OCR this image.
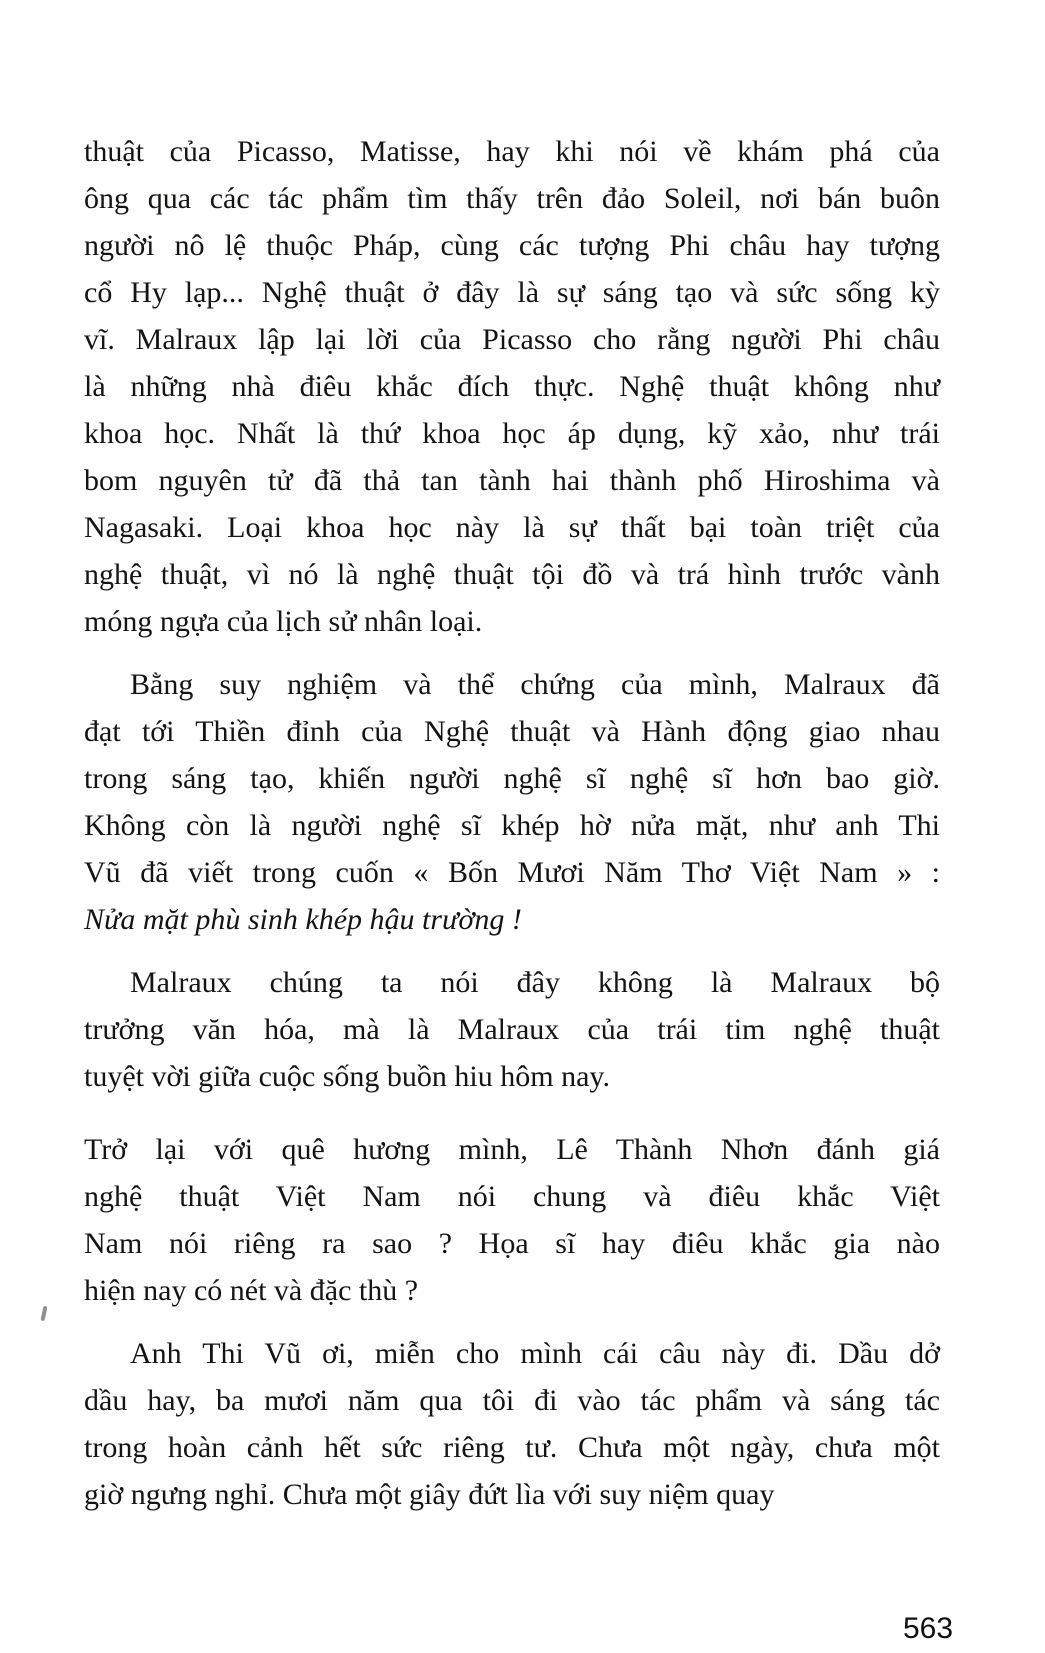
thuật của Picasso, Matisse, hay khi nói về khám phá của
ông qua các tác phẩm tìm thấy trên đảo Soleil, nơi bán buôn
người nô lệ thuộc Pháp, cùng các tượng Phi châu hay tượng
cổ Hy lạp... Nghệ thuật ở đây là sự sáng tạo và sức sống kỳ
vĩ. Malraux lập lại lời của Picasso cho rằng người Phi châu
là những nhà điêu khắc đích thực. Nghệ thuật không như
khoa học. Nhất là thứ khoa học áp dụng, kỹ xảo, như trái
bom nguyên tử đã thả tan tành hai thành phố Hiroshima và
Nagasaki. Loại khoa học này là sự thất bại toàn triệt của
nghệ thuật, vì nó là nghệ thuật tội đồ và trá hình trước vành
móng ngựa của lịch sử nhân loại.

Bằng suy nghiệm và thể chứng của mình, Malraux đã
đạt tới Thiền đỉnh của Nghệ thuật và Hành động giao nhau
trong sáng tạo, khiến người nghệ sĩ nghệ sĩ hơn bao giờ.
Không còn là người nghệ sĩ khép hờ nửa mặt, như anh Thi
Vũ đã viết trong cuốn « Bốn Mươi Năm Thơ Việt Nam » :
Nửa mặt phù sinh khép hậu trường !

Malraux chúng ta nói đây không là Malraux bộ
trưởng văn hóa, mà là Malraux của trái tim nghệ thuật
tuyệt vời giữa cuộc sống buồn hiu hôm nay.

Trở lại với quê hương mình, Lê Thành Nhơn đánh giá
nghệ thuật Việt Nam nói chung và điêu khắc Việt
Nam nói riêng ra sao ? Họa sĩ hay điêu khắc gia nào
hiện nay có nét và đặc thù ?

Anh Thi Vũ ơi, miễn cho mình cái câu này đi. Dầu dở
dầu hay, ba mươi năm qua tôi đi vào tác phẩm và sáng tác
trong hoàn cảnh hết sức riêng tư. Chưa một ngày, chưa một
giờ ngưng nghỉ. Chưa một giây đứt lìa với suy niệm quay

563
